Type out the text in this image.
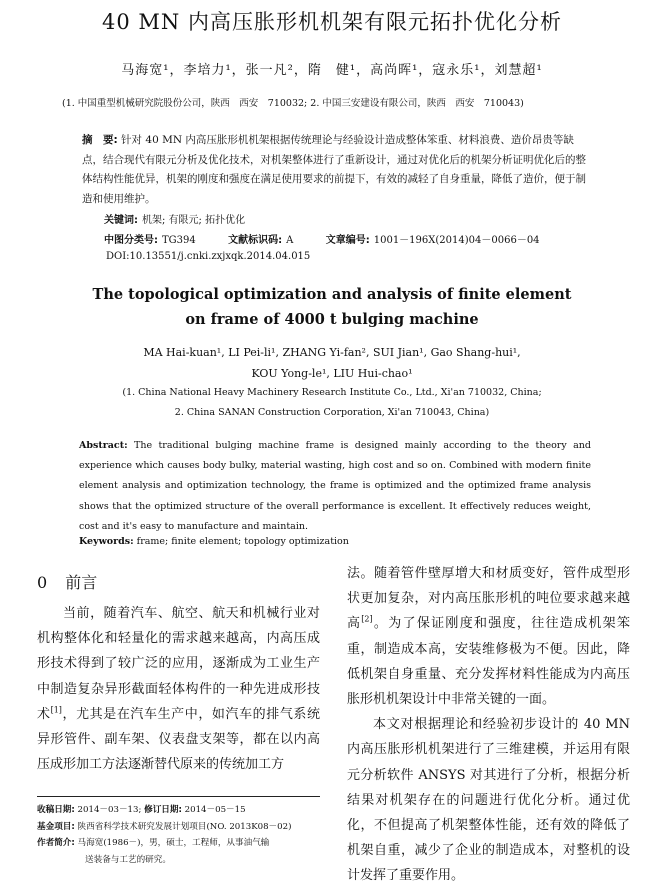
40 MN 内高压胀形机机架有限元拓扑优化分析
马海宽¹，李培力¹，张一凡²，隋　健¹，高尚晖¹，寇永乐¹，刘慧超¹
(1. 中国重型机械研究院股份公司，陕西　西安　710032; 2. 中国三安建设有限公司，陕西　西安　710043)
摘　要: 针对 40 MN 内高压胀形机机架根据传统理论与经验设计造成整体笨重、材料浪费、造价昂贵等缺点，结合现代有限元分析及优化技术，对机架整体进行了重新设计，通过对优化后的机架分析证明优化后的整体结构性能优异，机架的刚度和强度在满足使用要求的前提下，有效的减轻了自身重量，降低了造价，便于制造和使用维护。
关键词: 机架; 有限元; 拓扑优化
中图分类号: TG394	文献标识码: A	文章编号: 1001－196X(2014)04－0066－04
DOI:10.13551/j.cnki.zxjxqk.2014.04.015
The topological optimization and analysis of finite element
on frame of 4000 t bulging machine
MA Hai-kuan¹, LI Pei-li¹, ZHANG Yi-fan², SUI Jian¹, Gao Shang-hui¹,
KOU Yong-le¹, LIU Hui-chao¹
(1. China National Heavy Machinery Research Institute Co., Ltd., Xi'an 710032, China;
2. China SANAN Construction Corporation, Xi'an 710043, China)
Abstract: The traditional bulging machine frame is designed mainly according to the theory and experience which causes body bulky, material wasting, high cost and so on. Combined with modern finite element analysis and optimization technology, the frame is optimized and the optimized frame analysis shows that the optimized structure of the overall performance is excellent. It effectively reduces weight, cost and it's easy to manufacture and maintain.
Keywords: frame; finite element; topology optimization
0 前言

当前，随着汽车、航空、航天和机械行业对机构整体化和轻量化的需求越来越高，内高压成形技术得到了较广泛的应用，逐渐成为工业生产中制造复杂异形截面轻体构件的一种先进成形技术[1]，尤其是在汽车生产中，如汽车的排气系统异形管件、副车架、仪表盘支架等，都在以内高压成形加工方法逐渐替代原来的传统加工方

法。随着管件壁厚增大和材质变好，管件成型形状更加复杂，对内高压胀形机的吨位要求越来越高[2]。为了保证刚度和强度，往往造成机架笨重，制造成本高，安装维修极为不便。因此，降低机架自身重量、充分发挥材料性能成为内高压胀形机机架设计中非常关键的一面。

本文对根据理论和经验初步设计的 40 MN 内高压胀形机机架进行了三维建模，并运用有限元分析软件 ANSYS 对其进行了分析，根据分析结果对机架存在的问题进行优化分析。通过优化，不但提高了机架整体性能，还有效的降低了机架自重，减少了企业的制造成本，对整机的设计发挥了重要作用。

收稿日期: 2014－03－13; 修订日期: 2014－05－15
基金项目: 陕西省科学技术研究发展计划项目(NO. 2013K08－02)
作者简介: 马海宽(1986－)，男，硕士，工程师，从事油气输
送装备与工艺的研究。
